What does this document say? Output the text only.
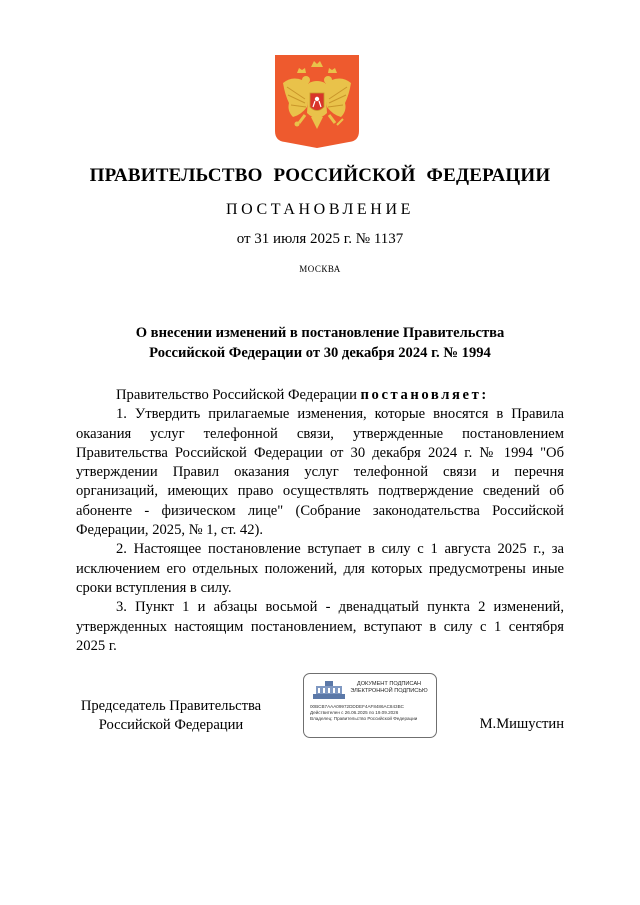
ПРАВИТЕЛЬСТВО РОССИЙСКОЙ ФЕДЕРАЦИИ
ПОСТАНОВЛЕНИЕ
от 31 июля 2025 г. № 1137
МОСКВА
О внесении изменений в постановление Правительства
Российской Федерации от 30 декабря 2024 г. № 1994

Правительство Российской Федерации постановляет:

1. Утвердить прилагаемые изменения, которые вносятся в Правила оказания услуг телефонной связи, утвержденные постановлением Правительства Российской Федерации от 30 декабря 2024 г. № 1994 "Об утверждении Правил оказания услуг телефонной связи и перечня организаций, имеющих право осуществлять подтверждение сведений об абоненте - физическом лице" (Собрание законодательства Российской Федерации, 2025, № 1, ст. 42).

2. Настоящее постановление вступает в силу с 1 августа 2025 г., за исключением его отдельных положений, для которых предусмотрены иные сроки вступления в силу.

3. Пункт 1 и абзацы восьмой - двенадцатый пункта 2 изменений, утвержденных настоящим постановлением, вступают в силу с 1 сентября 2025 г.

Председатель Правительства
Российской Федерации
ДОКУМЕНТ ПОДПИСАН
ЭЛЕКТРОННОЙ ПОДПИСЬЮ
00BCB7AAA09972DDDEF4AF8486AC843BC
Действителен с 26.06.2025 по 19.09.2026
Владелец: Правительство Российской Федерации	М.Мишустин
